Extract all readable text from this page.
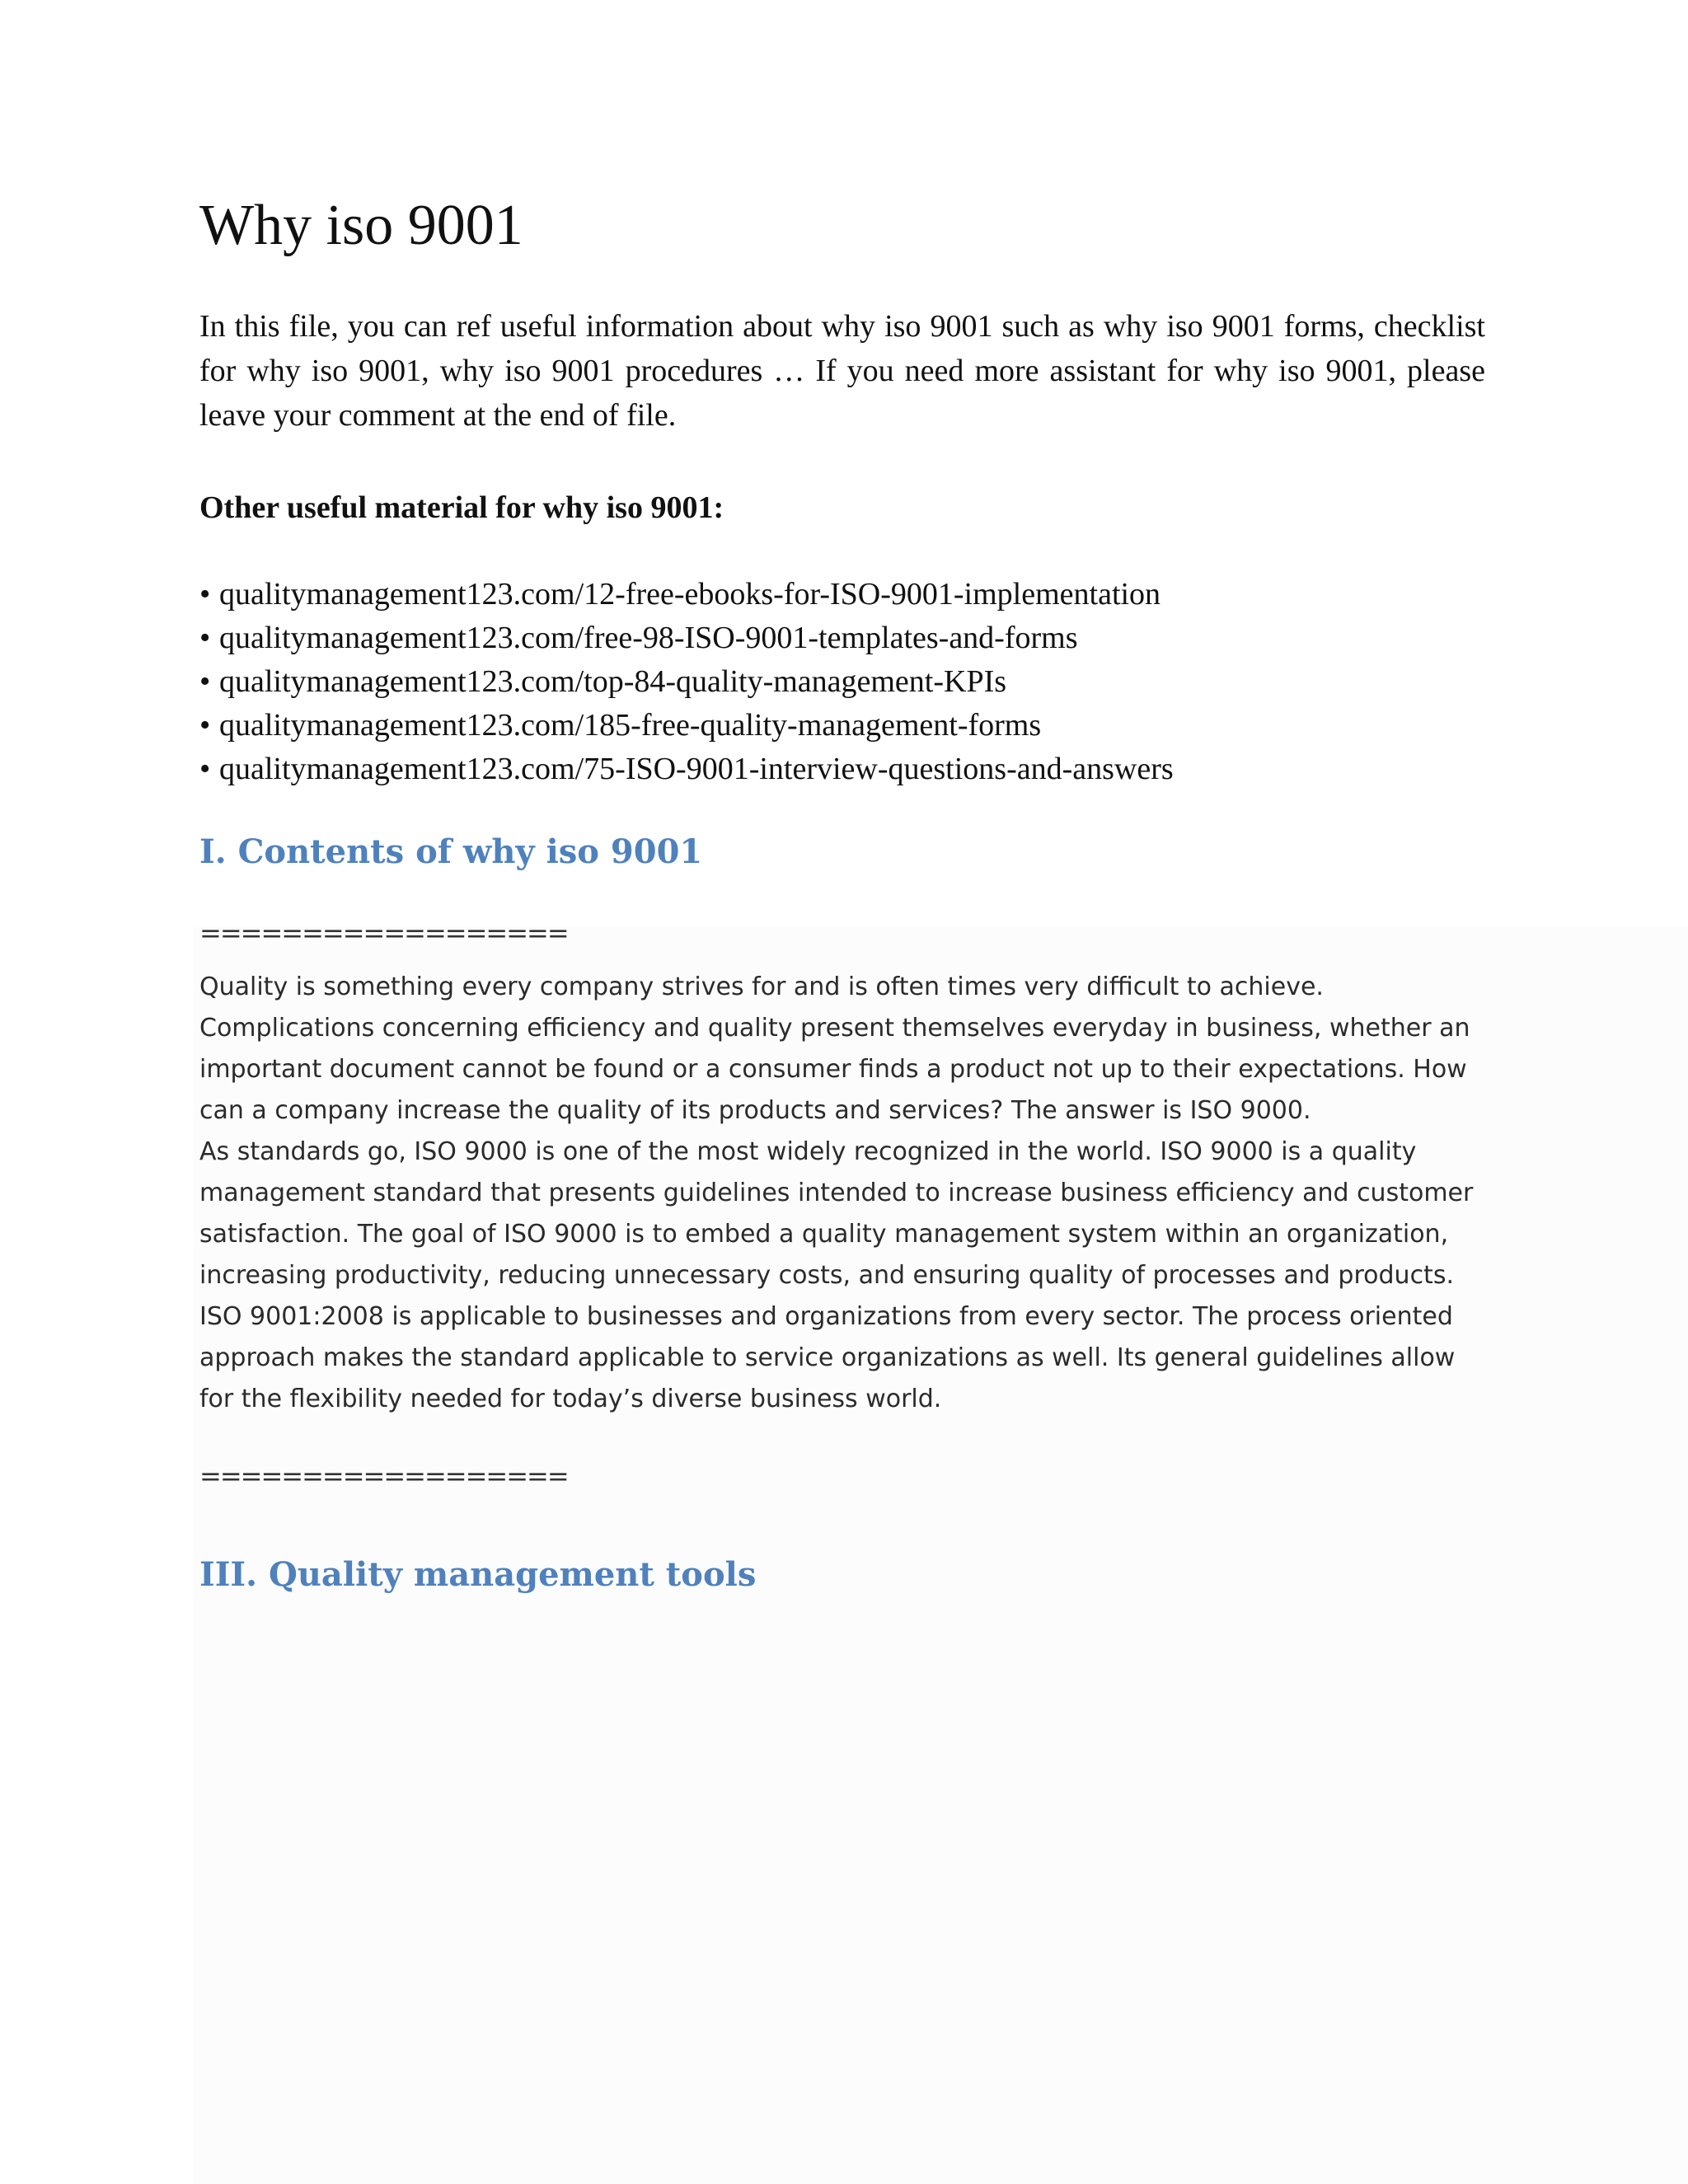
Why iso 9001

In this file, you can ref useful information about why iso 9001 such as why iso 9001 forms, checklist for why iso 9001, why iso 9001 procedures … If you need more assistant for why iso 9001, please leave your comment at the end of file.

Other useful material for why iso 9001:

• qualitymanagement123.com/12-free-ebooks-for-ISO-9001-implementation
• qualitymanagement123.com/free-98-ISO-9001-templates-and-forms
• qualitymanagement123.com/top-84-quality-management-KPIs
• qualitymanagement123.com/185-free-quality-management-forms
• qualitymanagement123.com/75-ISO-9001-interview-questions-and-answers
I. Contents of why iso 9001
==================

Quality is something every company strives for and is often times very difficult to achieve. Complications concerning efficiency and quality present themselves everyday in business, whether an important document cannot be found or a consumer finds a product not up to their expectations. How can a company increase the quality of its products and services? The answer is ISO 9000.

As standards go, ISO 9000 is one of the most widely recognized in the world. ISO 9000 is a quality management standard that presents guidelines intended to increase business efficiency and customer satisfaction. The goal of ISO 9000 is to embed a quality management system within an organization, increasing productivity, reducing unnecessary costs, and ensuring quality of processes and products. ISO 9001:2008 is applicable to businesses and organizations from every sector. The process oriented approach makes the standard applicable to service organizations as well. Its general guidelines allow for the flexibility needed for today’s diverse business world.

==================
III. Quality management tools
